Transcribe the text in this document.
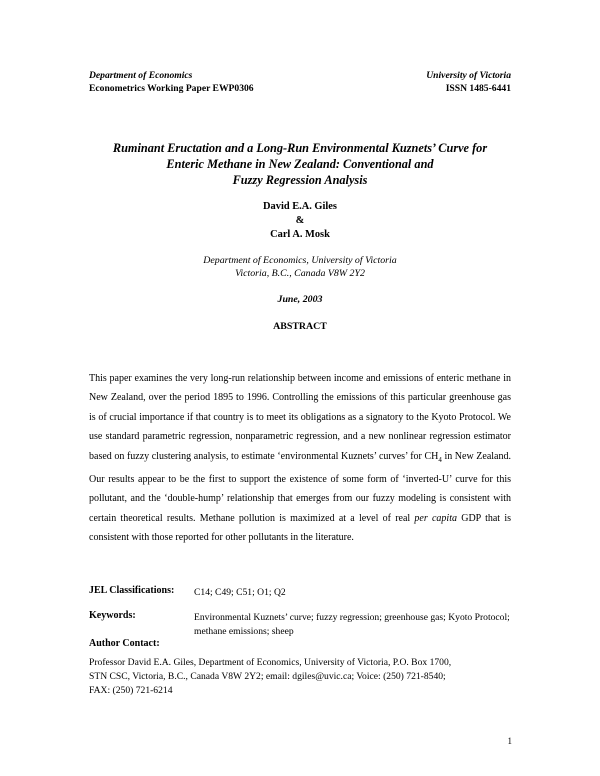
Department of Economics	University of Victoria
Econometrics Working Paper EWP0306	ISSN 1485-6441
Ruminant Eructation and a Long-Run Environmental Kuznets’ Curve for
Enteric Methane in New Zealand: Conventional and
Fuzzy Regression Analysis
David E.A. Giles
&
Carl A. Mosk
Department of Economics, University of Victoria
Victoria, B.C., Canada V8W 2Y2
June, 2003
ABSTRACT
This paper examines the very long-run relationship between income and emissions of enteric methane in New Zealand, over the period 1895 to 1996. Controlling the emissions of this particular greenhouse gas is of crucial importance if that country is to meet its obligations as a signatory to the Kyoto Protocol. We use standard parametric regression, nonparametric regression, and a new nonlinear regression estimator based on fuzzy clustering analysis, to estimate ‘environmental Kuznets’ curves’ for $CH_4$ in New Zealand. Our results appear to be the first to support the existence of some form of ‘inverted-U’ curve for this pollutant, and the ‘double-hump’ relationship that emerges from our fuzzy modeling is consistent with certain theoretical results. Methane pollution is maximized at a level of real per capita GDP that is consistent with those reported for other pollutants in the literature.
JEL Classifications: C14; C49; C51; O1; Q2
Keywords:	Environmental Kuznets’ curve; fuzzy regression; greenhouse gas; Kyoto Protocol; methane emissions; sheep
Author Contact:
Professor David E.A. Giles, Department of Economics, University of Victoria, P.O. Box 1700,
STN CSC, Victoria, B.C., Canada V8W 2Y2; email: dgiles@uvic.ca; Voice: (250) 721-8540;
FAX: (250) 721-6214
1
